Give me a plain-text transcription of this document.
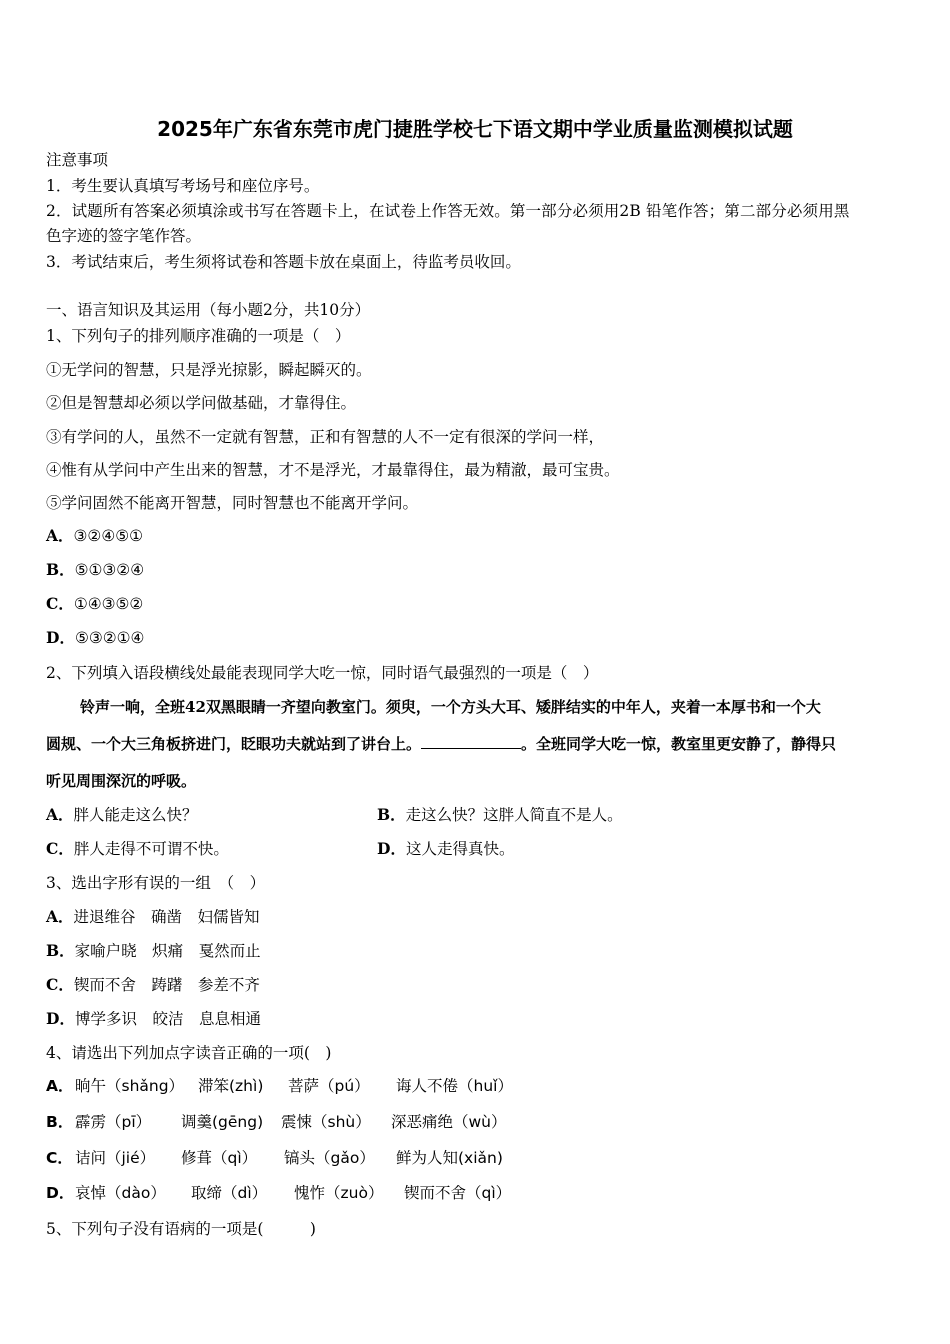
2025年广东省东莞市虎门捷胜学校七下语文期中学业质量监测模拟试题
注意事项
1．考生要认真填写考场号和座位序号。
2．试题所有答案必须填涂或书写在答题卡上，在试卷上作答无效。第一部分必须用2B 铅笔作答；第二部分必须用黑
色字迹的签字笔作答。
3．考试结束后，考生须将试卷和答题卡放在桌面上，待监考员收回。
一、语言知识及其运用（每小题2分，共10分）
1、下列句子的排列顺序准确的一项是（　）
①无学问的智慧，只是浮光掠影，瞬起瞬灭的。
②但是智慧却必须以学问做基础，才靠得住。
③有学问的人，虽然不一定就有智慧，正和有智慧的人不一定有很深的学问一样，
④惟有从学问中产生出来的智慧，才不是浮光，才最靠得住，最为精澈，最可宝贵。
⑤学问固然不能离开智慧，同时智慧也不能离开学问。
A．③②④⑤①
B．⑤①③②④
C．①④③⑤②
D．⑤③②①④
2、下列填入语段横线处最能表现同学大吃一惊，同时语气最强烈的一项是（　）
铃声一响，全班42双黑眼睛一齐望向教室门。须臾，一个方头大耳、矮胖结实的中年人，夹着一本厚书和一个大
圆规、一个大三角板挤进门，眨眼功夫就站到了讲台上。	。全班同学大吃一惊，教室里更安静了，静得只
听见周围深沉的呼吸。
A．胖人能走这么快？	B．走这么快？这胖人简直不是人。
C．胖人走得不可谓不快。	D．这人走得真快。
3、选出字形有误的一组　（　）
A．进退维谷　确凿　妇儒皆知
B．家喻户晓　炽痛　戛然而止
C．锲而不舍　踌躇　参差不齐
D．博学多识　皎洁　息息相通
4、请选出下列加点字读音正确的一项(　)
A． 晌午（shǎng） 滞笨(zhì) 菩萨（pú） 诲人不倦（huǐ）
B． 霹雳（pī） 调羹(gēng) 震悚（shù） 深恶痛绝（wù）
C． 诘问（jié） 修葺（qì） 镐头（gǎo） 鲜为人知(xiǎn)
D． 哀悼（dào） 取缔（dì） 愧怍（zuò） 锲而不舍（qì）
5、下列句子没有语病的一项是(　　　)
